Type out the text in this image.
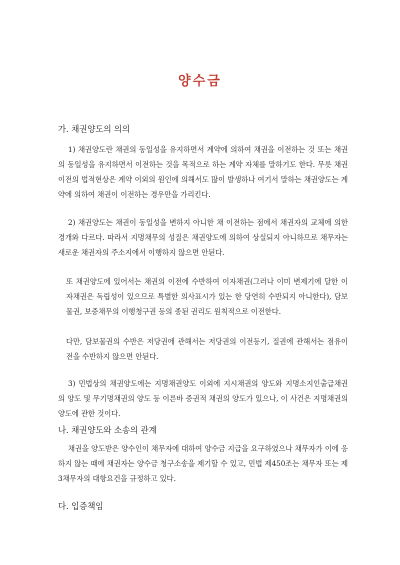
양수금
가. 채권양도의 의의

1) 채권양도란 채권의 동일성을 유지하면서 계약에 의하여 채권을 이전하는 것 또는 채권의 동일성을 유지하면서 이전하는 것을 목적으로 하는 계약 자체를 말하기도 한다. 무릇 채권이전의 법적현상은 계약 이외의 원인에 의해서도 많이 발생하나 여기서 말하는 채권양도는 계약에 의하여 채권이 이전하는 경우만을 가리킨다.

2) 채권양도는 채권이 동일성을 변하지 아니한 채 이전하는 점에서 채권자의 교체에 의한 경개와 다르다. 따라서 지명채무의 성질은 채권양도에 의하여 상실되지 아니하므로 채무자는 새로운 채권자의 주소지에서 이행하지 않으면 안된다.

또 채권양도에 있어서는 채권의 이전에 수반하여 이자채권(그러나 이미 변제기에 달한 이자채권은 독립성이 있으므로 특별한 의사표시가 있는 한 당연히 수반되지 아니한다), 담보물권, 보증채무의 이행청구권 등의 종된 권리도 원칙적으로 이전한다.

다만, 담보물권의 수반은 저당권에 관해서는 저당권의 이전등기, 질권에 관해서는 점유이전을 수반하지 않으면 안된다.

3) 민법상의 채권양도에는 지명채권양도 이외에 지시채권의 양도와 지명소지인출급채권의 양도 및 무기명채권의 양도 등 이른바 증권적 채권의 양도가 있으나, 이 사건은 지명채권의 양도에 관한 것이다.

나. 채권양도와 소송의 관계

채권을 양도받은 양수인이 채무자에 대하여 양수금 지급을 요구하였으나 채무자가 이에 응하지 않는 때에 채권자는 양수금 청구소송을 제기할 수 있고, 민법 제450조는 채무자 또는 제3채무자의 대항요건을 규정하고 있다.

다. 입증책임
